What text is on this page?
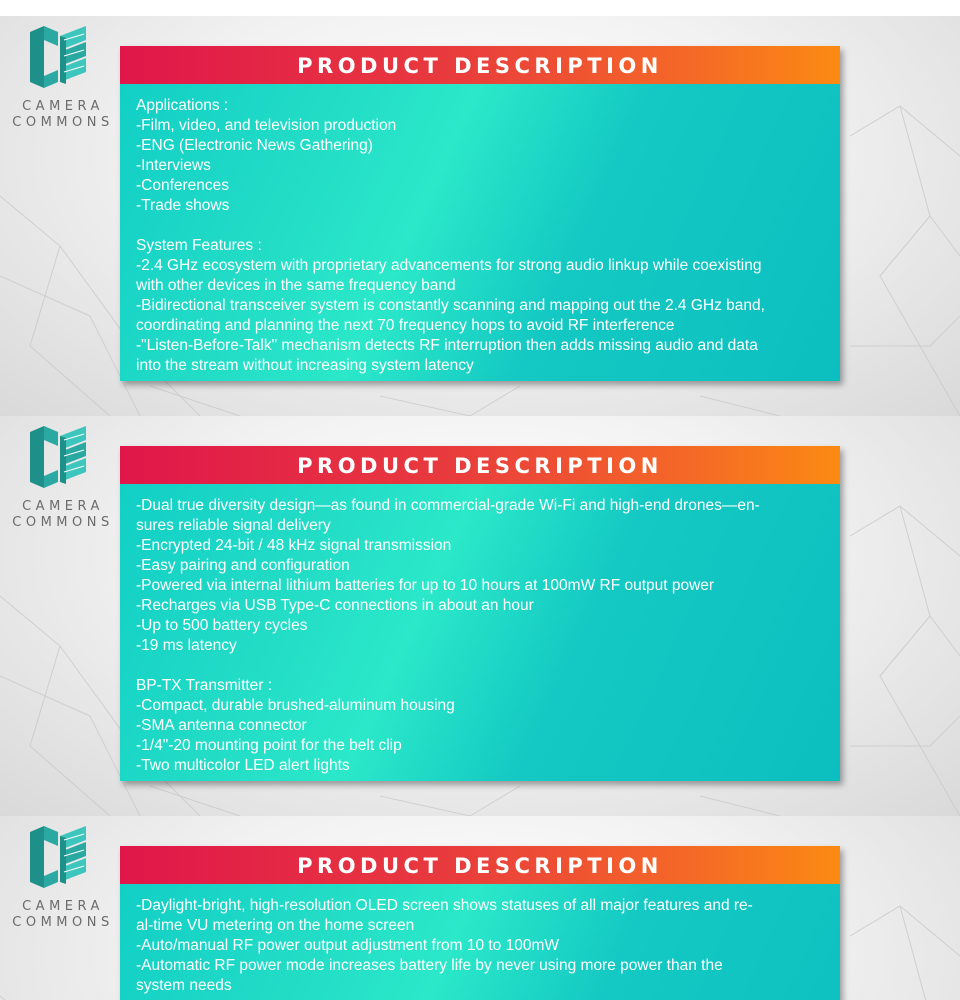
CAMERA
COMMONS
PRODUCT DESCRIPTION
Applications :
-Film, video, and television production
-ENG (Electronic News Gathering)
-Interviews
-Conferences
-Trade shows
System Features :
-2.4 GHz ecosystem with proprietary advancements for strong audio linkup while coexisting
with other devices in the same frequency band
-Bidirectional transceiver system is constantly scanning and mapping out the 2.4 GHz band,
coordinating and planning the next 70 frequency hops to avoid RF interference
-"Listen-Before-Talk" mechanism detects RF interruption then adds missing audio and data
into the stream without increasing system latency
CAMERA
COMMONS
PRODUCT DESCRIPTION
-Dual true diversity design—as found in commercial-grade Wi-Fi and high-end drones—en-
sures reliable signal delivery
-Encrypted 24-bit / 48 kHz signal transmission
-Easy pairing and configuration
-Powered via internal lithium batteries for up to 10 hours at 100mW RF output power
-Recharges via USB Type-C connections in about an hour
-Up to 500 battery cycles
-19 ms latency
BP-TX Transmitter :
-Compact, durable brushed-aluminum housing
-SMA antenna connector
-1/4"-20 mounting point for the belt clip
-Two multicolor LED alert lights
CAMERA
COMMONS
PRODUCT DESCRIPTION
-Daylight-bright, high-resolution OLED screen shows statuses of all major features and re-
al-time VU metering on the home screen
-Auto/manual RF power output adjustment from 10 to 100mW
-Automatic RF power mode increases battery life by never using more power than the
system needs
